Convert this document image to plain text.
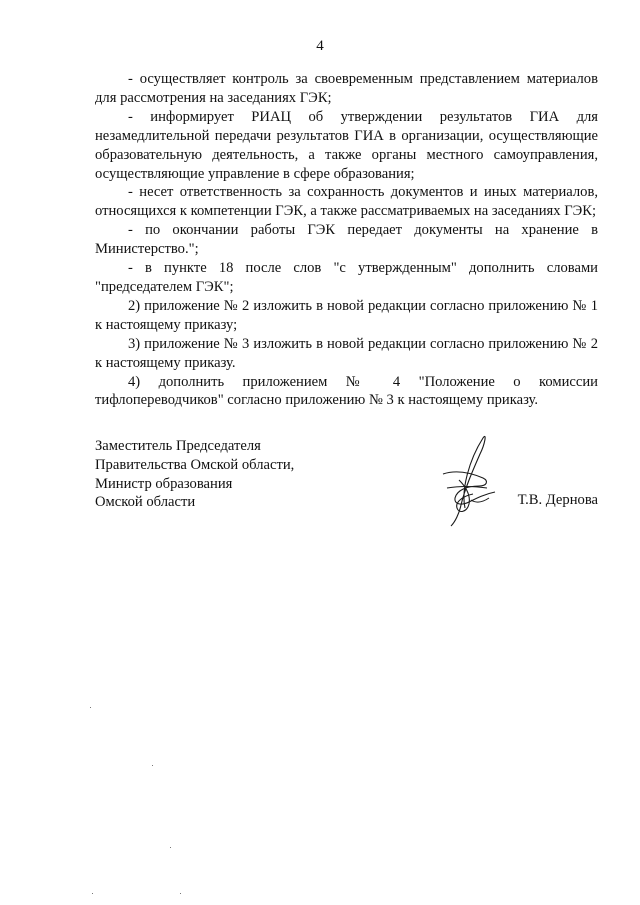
4

- осуществляет контроль за своевременным представлением материалов для рассмотрения на заседаниях ГЭК;

- информирует РИАЦ об утверждении результатов ГИА для незамедлительной передачи результатов ГИА в организации, осуществляющие образовательную деятельность, а также органы местного самоуправления, осуществляющие управление в сфере образования;

- несет ответственность за сохранность документов и иных материалов, относящихся к компетенции ГЭК, а также рассматриваемых на заседаниях ГЭК;

- по окончании работы ГЭК передает документы на хранение в Министерство.";

- в пункте 18 после слов "с утвержденным" дополнить словами "председателем ГЭК";

2) приложение № 2 изложить в новой редакции согласно приложению № 1 к настоящему приказу;

3) приложение № 3 изложить в новой редакции согласно приложению № 2 к настоящему приказу.

4) дополнить приложением № 4 "Положение о комиссии тифлопереводчиков" согласно приложению № 3 к настоящему приказу.

Заместитель Председателя
Правительства Омской области,
Министр образования
Омской области	Т.В. Дернова
